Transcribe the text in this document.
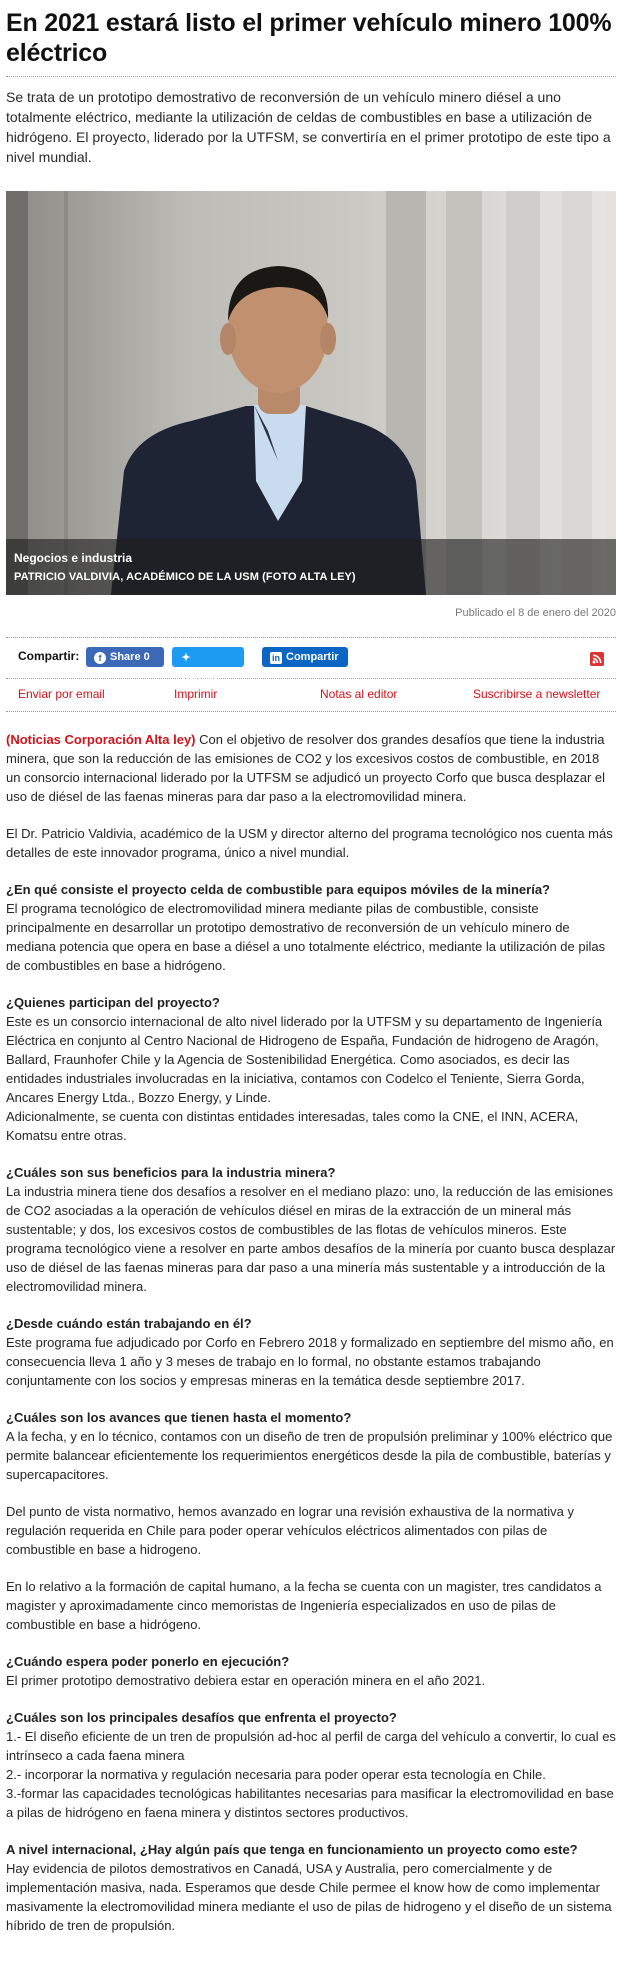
En 2021 estará listo el primer vehículo minero 100% eléctrico

Se trata de un prototipo demostrativo de reconversión de un vehículo minero diésel a uno totalmente eléctrico, mediante la utilización de celdas de combustibles en base a utilización de hidrógeno. El proyecto, liderado por la UTFSM, se convertiría en el primer prototipo de este tipo a nivel mundial.

Negocios e industria
PATRICIO VALDIVIA, ACADÉMICO DE LA USM (FOTO ALTA LEY)
Publicado el 8 de enero del 2020
Compartir:	f Share 0	✦Twittear
in Compartir
Enviar por email	Imprimir	Notas al editor	Suscribirse a newsletter

(Noticias Corporación Alta ley) Con el objetivo de resolver dos grandes desafíos que tiene la industria minera, que son la reducción de las emisiones de CO2 y los excesivos costos de combustible, en 2018 un consorcio internacional liderado por la UTFSM se adjudicó un proyecto Corfo que busca desplazar el uso de diésel de las faenas mineras para dar paso a la electromovilidad minera.

El Dr. Patricio Valdivia, académico de la USM y director alterno del programa tecnológico nos cuenta más detalles de este innovador programa, único a nivel mundial.

¿En qué consiste el proyecto celda de combustible para equipos móviles de la minería?
El programa tecnológico de electromovilidad minera mediante pilas de combustible, consiste principalmente en desarrollar un prototipo demostrativo de reconversión de un vehículo minero de mediana potencia que opera en base a diésel a uno totalmente eléctrico, mediante la utilización de pilas de combustibles en base a hidrógeno.

¿Quienes participan del proyecto?
Este es un consorcio internacional de alto nivel liderado por la UTFSM y su departamento de Ingeniería Eléctrica en conjunto al Centro Nacional de Hidrogeno de España, Fundación de hidrogeno de Aragón, Ballard, Fraunhofer Chile y la Agencia de Sostenibilidad Energética. Como asociados, es decir las entidades industriales involucradas en la iniciativa, contamos con Codelco el Teniente, Sierra Gorda, Ancares Energy Ltda., Bozzo Energy, y Linde.
Adicionalmente, se cuenta con distintas entidades interesadas, tales como la CNE, el INN, ACERA, Komatsu entre otras.

¿Cuáles son sus beneficios para la industria minera?
La industria minera tiene dos desafíos a resolver en el mediano plazo: uno, la reducción de las emisiones de CO2 asociadas a la operación de vehículos diésel en miras de la extracción de un mineral más sustentable; y dos, los excesivos costos de combustibles de las flotas de vehículos mineros. Este programa tecnológico viene a resolver en parte ambos desafíos de la minería por cuanto busca desplazar uso de diésel de las faenas mineras para dar paso a una minería más sustentable y a introducción de la electromovilidad minera.

¿Desde cuándo están trabajando en él?
Este programa fue adjudicado por Corfo en Febrero 2018 y formalizado en septiembre del mismo año, en consecuencia lleva 1 año y 3 meses de trabajo en lo formal, no obstante estamos trabajando conjuntamente con los socios y empresas mineras en la temática desde septiembre 2017.

¿Cuáles son los avances que tienen hasta el momento?
A la fecha, y en lo técnico, contamos con un diseño de tren de propulsión preliminar y 100% eléctrico que permite balancear eficientemente los requerimientos energéticos desde la pila de combustible, baterías y supercapacitores.

Del punto de vista normativo, hemos avanzado en lograr una revisión exhaustiva de la normativa y regulación requerida en Chile para poder operar vehículos eléctricos alimentados con pilas de combustible en base a hidrogeno.

En lo relativo a la formación de capital humano, a la fecha se cuenta con un magister, tres candidatos a magister y aproximadamente cinco memoristas de Ingeniería especializados en uso de pilas de combustible en base a hidrógeno.

¿Cuándo espera poder ponerlo en ejecución?
El primer prototipo demostrativo debiera estar en operación minera en el año 2021.

¿Cuáles son los principales desafíos que enfrenta el proyecto?
1.- El diseño eficiente de un tren de propulsión ad-hoc al perfil de carga del vehículo a convertir, lo cual es intrínseco a cada faena minera
2.- incorporar la normativa y regulación necesaria para poder operar esta tecnología en Chile.
3.-formar las capacidades tecnológicas habilitantes necesarias para masificar la electromovilidad en base a pilas de hidrógeno en faena minera y distintos sectores productivos.

A nivel internacional, ¿Hay algún país que tenga en funcionamiento un proyecto como este?
Hay evidencia de pilotos demostrativos en Canadá, USA y Australia, pero comercialmente y de implementación masiva, nada. Esperamos que desde Chile permee el know how de como implementar masivamente la electromovilidad minera mediante el uso de pilas de hidrogeno y el diseño de un sistema híbrido de tren de propulsión.
